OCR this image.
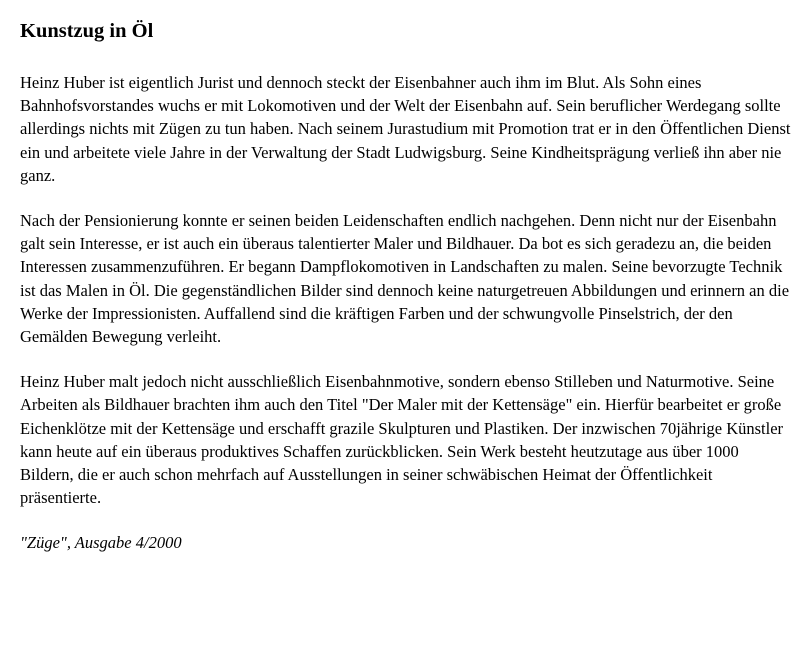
Kunstzug in Öl

Heinz Huber ist eigentlich Jurist und dennoch steckt der Eisenbahner auch ihm im Blut. Als Sohn eines Bahnhofsvorstandes wuchs er mit Lokomotiven und der Welt der Eisenbahn auf. Sein beruflicher Werdegang sollte allerdings nichts mit Zügen zu tun haben. Nach seinem Jurastudium mit Promotion trat er in den Öffentlichen Dienst ein und arbeitete viele Jahre in der Verwaltung der Stadt Ludwigsburg. Seine Kindheitsprägung verließ ihn aber nie ganz.

Nach der Pensionierung konnte er seinen beiden Leidenschaften endlich nachgehen. Denn nicht nur der Eisenbahn galt sein Interesse, er ist auch ein überaus talentierter Maler und Bildhauer. Da bot es sich geradezu an, die beiden Interessen zusammenzuführen. Er begann Dampflokomotiven in Landschaften zu malen. Seine bevorzugte Technik ist das Malen in Öl. Die gegenständlichen Bilder sind dennoch keine naturgetreuen Abbildungen und erinnern an die Werke der Impressionisten. Auffallend sind die kräftigen Farben und der schwungvolle Pinselstrich, der den Gemälden Bewegung verleiht.

Heinz Huber malt jedoch nicht ausschließlich Eisenbahnmotive, sondern ebenso Stilleben und Naturmotive. Seine Arbeiten als Bildhauer brachten ihm auch den Titel "Der Maler mit der Kettensäge" ein. Hierfür bearbeitet er große Eichenklötze mit der Kettensäge und erschafft grazile Skulpturen und Plastiken. Der inzwischen 70jährige Künstler kann heute auf ein überaus produktives Schaffen zurückblicken. Sein Werk besteht heutzutage aus über 1000 Bildern, die er auch schon mehrfach auf Ausstellungen in seiner schwäbischen Heimat der Öffentlichkeit präsentierte.

"Züge", Ausgabe 4/2000
